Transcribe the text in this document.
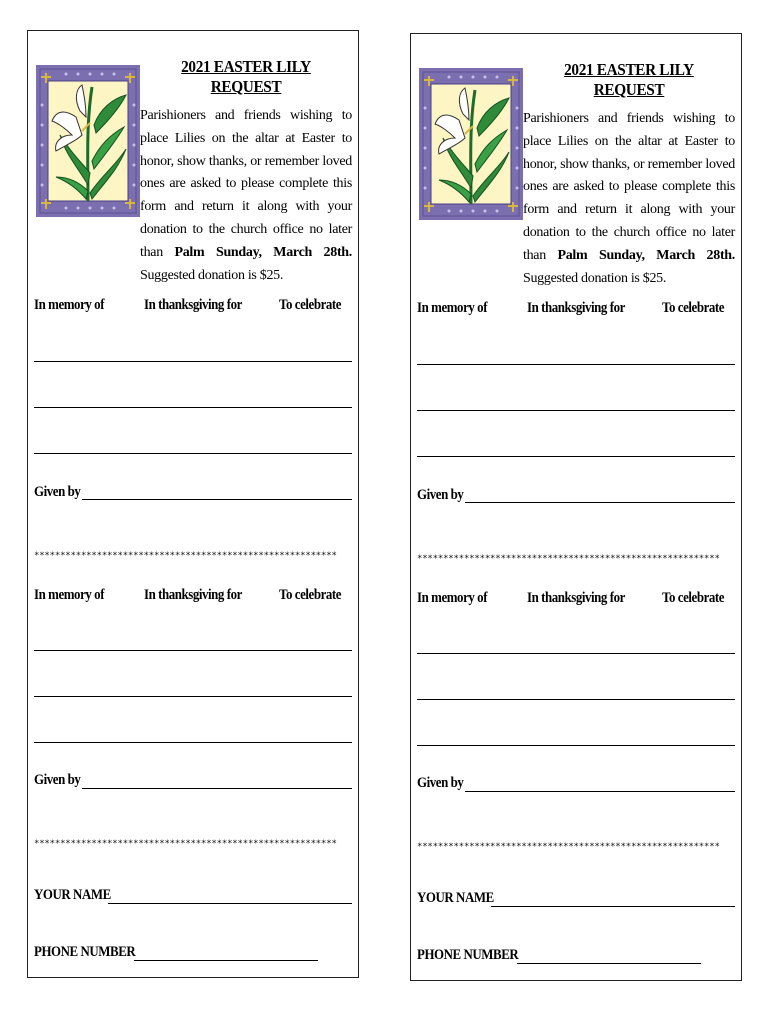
2021 EASTER LILY REQUEST
Parishioners and friends wishing to place Lilies on the altar at Easter to honor, show thanks, or remember loved ones are asked to please complete this form and return it along with your donation to the church office no later than Palm Sunday, March 28th. Suggested donation is $25.
In memory of	In thanksgiving for To celebrate
Given by
**********************************************************
In memory of	In thanksgiving for To celebrate
Given by
**********************************************************
YOUR NAME
PHONE NUMBER
2021 EASTER LILY REQUEST
Parishioners and friends wishing to place Lilies on the altar at Easter to honor, show thanks, or remember loved ones are asked to please complete this form and return it along with your donation to the church office no later than Palm Sunday, March 28th. Suggested donation is $25.
In memory of	In thanksgiving for To celebrate
Given by
**********************************************************
In memory of	In thanksgiving for To celebrate
Given by
**********************************************************
YOUR NAME
PHONE NUMBER
